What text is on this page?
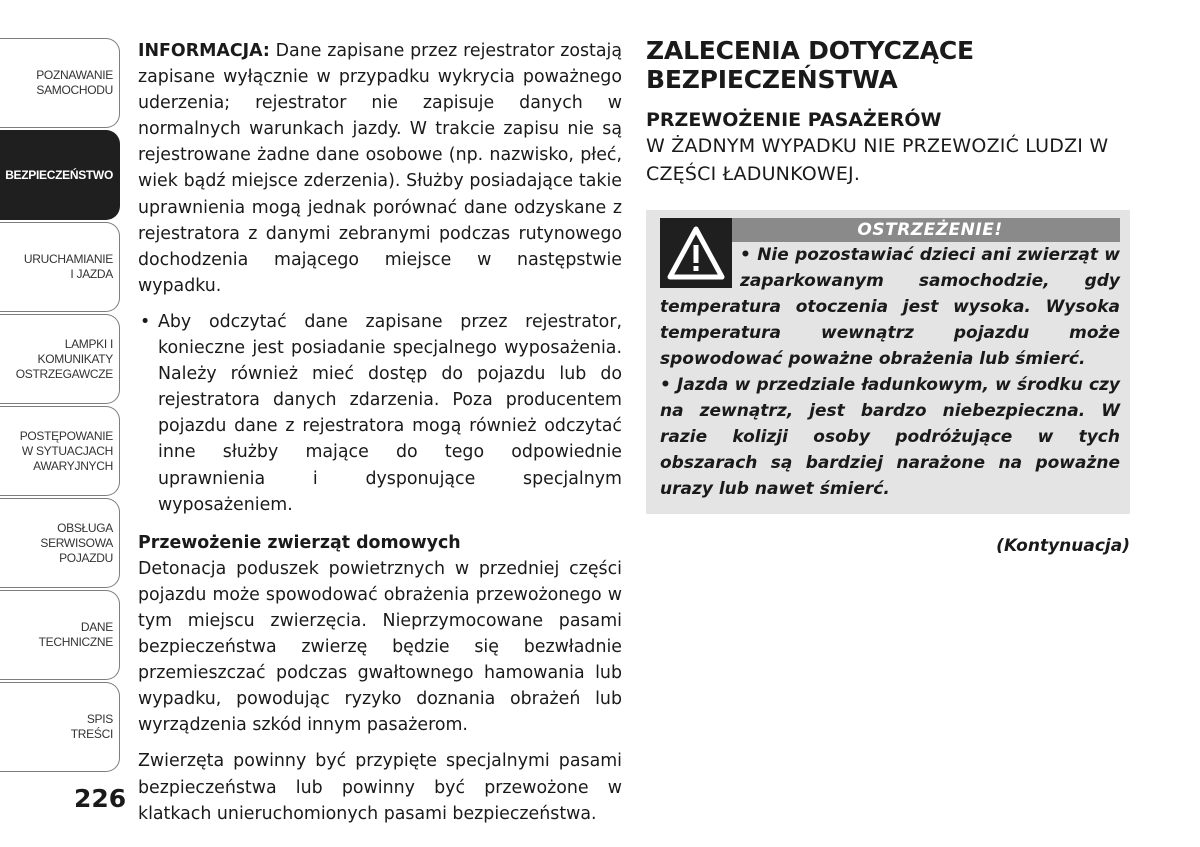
POZNAWANIE
SAMOCHODU
BEZPIECZEŃSTWO
URUCHAMIANIE
I JAZDA
LAMPKI I
KOMUNIKATY
OSTRZEGAWCZE
POSTĘPOWANIE
W SYTUACJACH
AWARYJNYCH
OBSŁUGA
SERWISOWA
POJAZDU
DANE
TECHNICZNE
SPIS
TREŚCI
226

INFORMACJA: Dane zapisane przez rejestrator zostają zapisane wyłącznie w przypadku wykrycia poważnego uderzenia; rejestrator nie zapisuje danych w normalnych warunkach jazdy. W trakcie zapisu nie są rejestrowane żadne dane osobowe (np. nazwisko, płeć, wiek bądź miejsce zderzenia). Służby posiadające takie uprawnienia mogą jednak porównać dane odzyskane z rejestratora z danymi zebranymi podczas rutynowego dochodzenia mającego miejsce w następstwie wypadku.

• Aby odczytać dane zapisane przez rejestrator, konieczne jest posiadanie specjalnego wyposażenia. Należy również mieć dostęp do pojazdu lub do rejestratora danych zdarzenia. Poza producentem pojazdu dane z rejestratora mogą również odczytać inne służby mające do tego odpowiednie uprawnienia i dysponujące specjalnym wyposażeniem.

Przewożenie zwierząt domowych

Detonacja poduszek powietrznych w przedniej części pojazdu może spowodować obrażenia przewożonego w tym miejscu zwierzęcia. Nieprzymocowane pasami bezpieczeństwa zwierzę będzie się bezwładnie przemieszczać podczas gwałtownego hamowania lub wypadku, powodując ryzyko doznania obrażeń lub wyrządzenia szkód innym pasażerom.

Zwierzęta powinny być przypięte specjalnymi pasami bezpieczeństwa lub powinny być przewożone w klatkach unieruchomionych pasami bezpieczeństwa.

ZALECENIA DOTYCZĄCE
BEZPIECZEŃSTWA
PRZEWOŻENIE PASAŻERÓW

W ŻADNYM WYPADKU NIE PRZEWOZIĆ LUDZI W CZĘŚCI ŁADUNKOWEJ.

OSTRZEŻENIE!

• Nie pozostawiać dzieci ani zwierząt w zaparkowanym samochodzie, gdy temperatura otoczenia jest wysoka. Wysoka temperatura wewnątrz pojazdu może spowodować poważne obrażenia lub śmierć.

• Jazda w przedziale ładunkowym, w środku czy na zewnątrz, jest bardzo niebezpieczna. W razie kolizji osoby podróżujące w tych obszarach są bardziej narażone na poważne urazy lub nawet śmierć.

(Kontynuacja)
